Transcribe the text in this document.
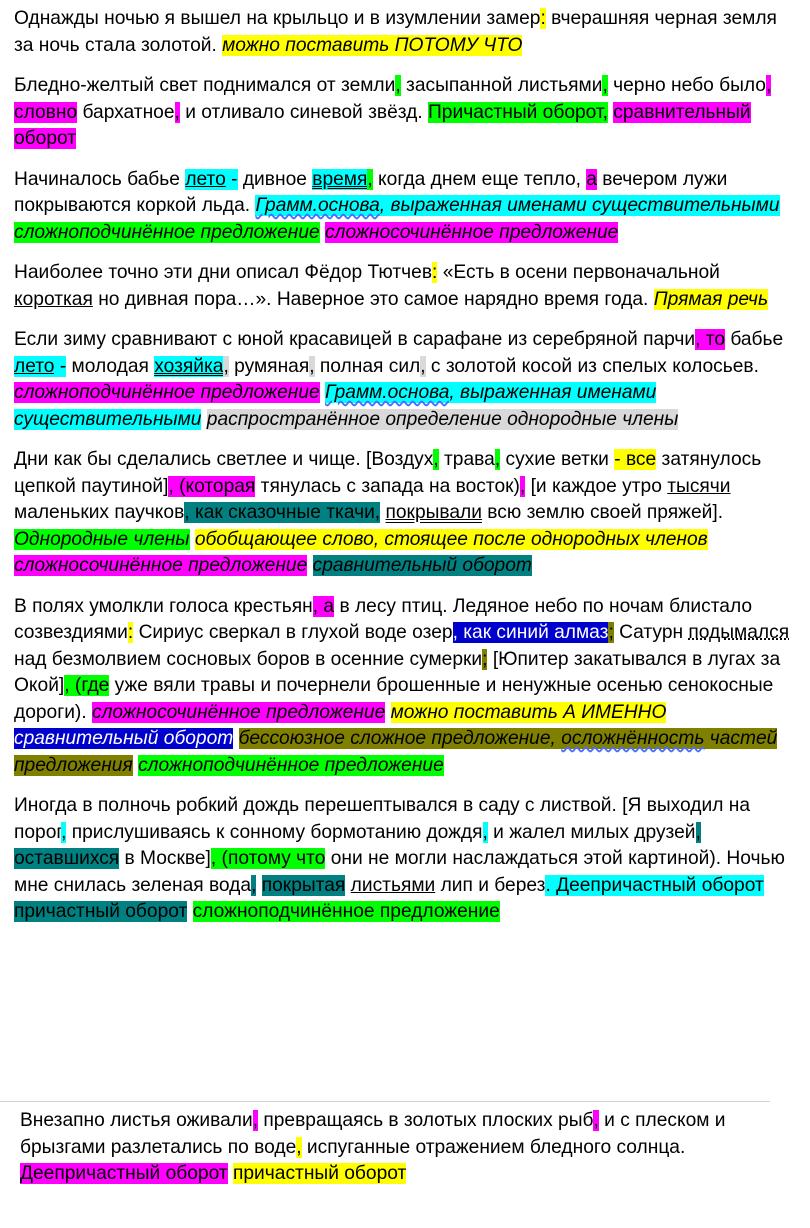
Однажды ночью я вышел на крыльцо и в изумлении замер: вчерашняя черная земля за ночь стала золотой. можно поставить ПОТОМУ ЧТО

Бледно-желтый свет поднимался от земли, засыпанной листьями, черно небо было, словно бархатное, и отливало синевой звёзд. Причастный оборот, сравнительный оборот

Начиналось бабье лето - дивное время, когда днем еще тепло, а вечером лужи покрываются коркой льда. Грамм.основа, выраженная именами существительными сложноподчинённое предложение сложносочинённое предложение

Наиболее точно эти дни описал Фёдор Тютчев: «Есть в осени первоначальной короткая но дивная пора…». Наверное это самое нарядно время года. Прямая речь

Если зиму сравнивают с юной красавицей в сарафане из серебряной парчи, то бабье лето - молодая хозяйка, румяная, полная сил, с золотой косой из спелых колосьев. сложноподчинённое предложение Грамм.основа, выраженная именами существительными распространённое определение однородные члены

Дни как бы сделались светлее и чище. [Воздух, трава, сухие ветки - все затянулось цепкой паутиной], (которая тянулась с запада на восток), [и каждое утро тысячи маленьких паучков, как сказочные ткачи, покрывали всю землю своей пряжей]. Однородные члены обобщающее слово, стоящее после однородных членов сложносочинённое предложение сравнительный оборот

В полях умолкли голоса крестьян, а в лесу птиц. Ледяное небо по ночам блистало созвездиями: Сириус сверкал в глухой воде озер, как синий алмаз; Сатурн подымался над безмолвием сосновых боров в осенние сумерки; [Юпитер закатывался в лугах за Окой], (где уже вяли травы и почернели брошенные и ненужные осенью сенокосные дороги). сложносочинённое предложение можно поставить А ИМЕННО сравнительный оборот бессоюзное сложное предложение, осложнённость частей предложения сложноподчинённое предложение

Иногда в полночь робкий дождь перешептывался в саду с листвой. [Я выходил на порог, прислушиваясь к сонному бормотанию дождя, и жалел милых друзей, оставшихся в Москве], (потому что они не могли наслаждаться этой картиной). Ночью мне снилась зеленая вода, покрытая листьями лип и берез. Деепричастный оборот причастный оборот сложноподчинённое предложение

Внезапно листья оживали, превращаясь в золотых плоских рыб, и с плеском и брызгами разлетались по воде, испуганные отражением бледного солнца. Деепричастный оборот причастный оборот
